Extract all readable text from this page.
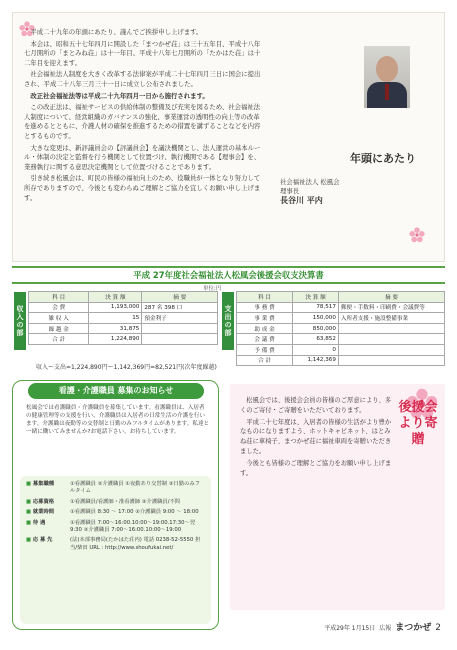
平成二十九年の年頭にあたり、謹んでご挨拶申し上げます。

本会は、昭和五十七年四月に開設した「まつかぜ荘」は三十五年目、平成十八年七月開所の「まとみね荘」は十一年目、平成十八年七月開所の「たかはた荘」は十二年目を迎えます。

社会福祉法人制度を大きく改革する法律案が平成二十七年四月三日に国会に提出され、平成二十八年三月三十一日に成立し公布されました。

改正社会福祉法等は平成二十九年四月一日から施行されます。

この改正法は、福祉サービスの供給体制の整備及び充実を図るため、社会福祉法人制度について、経営組織のガバナンスの強化、事業運営の透明性の向上等の改革を進めるとともに、介護人材の確保を推進するための措置を講ずることなどを内容とするものです。

大きな変更は、新評議員会の【評議員会】を議決機関とし、法人運営の基本ルール・体制の決定と監督を行う機関として位置づけ、執行機関である【理事会】を、業務執行に関する意思決定機関として位置づけることであります。

引き続き松風会は、町民の皆様の福祉向上のため、役職員が一体となり努力して所存でありますので、今後とも変わらぬご理解とご協力を宜しくお願い申し上げます。

社会福祉法人 松風会
理事長
長谷川 平内
年頭にあたり
平成 27年度社会福祉法人松風会後援会収支決算書
単位:円
収入の部
科 目	決 算 額	摘 要
会 費	1,193,000	287 名 398 口
雑 収 入	15	預金利子
繰 越 金	31,875	
合 計	1,224,890	
支出の部
科 目	決 算 額	摘 要
事 務 費	78,517	郵便・手数料・印刷費・会議費等
事 業 費	150,000	入所者支援・施設整備事業
助 成 金	850,000	
会 議 費	63,852	
予 備 費	0	
合 計	1,142,369	
収入ー支出=1,224,890円ー1,142,369円=82,521円(次年度繰越)
看護・介護職員 募集のお知らせ
松風会では看護職員・介護職員を募集しています。看護職員は、入居者の健康管理等の支援を行い、介護職員は入居者の日常生活の介護を行います。介護職は夜勤等の交替制と日勤のみフルタイムがあります。私達と一緒に働いてみませんか?お電話下さい。お待ちしています。
■ 募集職種	①看護職員 ②介護職員 ①夜勤あり交替制 ②日勤のみフルタイム
■ 応募資格	①看護職員/看護師・准看護師 ②介護職員/不問
■ 就業時間	①看護職員 8:30 〜 17:00 ②介護職員 9:00 〜 18:00
■ 待 遇	①看護職員 7:00〜16:00.10:00〜19:00.17:30〜翌9:30 ②介護職員 7:00〜16:00.10:00〜19:00
■ 応 募 先	(法)本部事務局(たかはた荘内) 電話 0238-52-5550 担当/柴田 URL : http://www.shoufukai.net/
後援会より寄贈

松風会では、後援会会員の皆様のご厚意により、多くのご寄付・ご寄贈をいただいております。

平成二十七年度は、入居者の皆様の生活がより豊かなものになりますよう、ホットキャビネット、はとみね荘に車椅子、まつかぜ荘に福祉車両を寄贈いただきました。

今後とも皆様のご理解とご協力をお願い申し上げます。

平成29年 1月15日 広報 まつかぜ 2
